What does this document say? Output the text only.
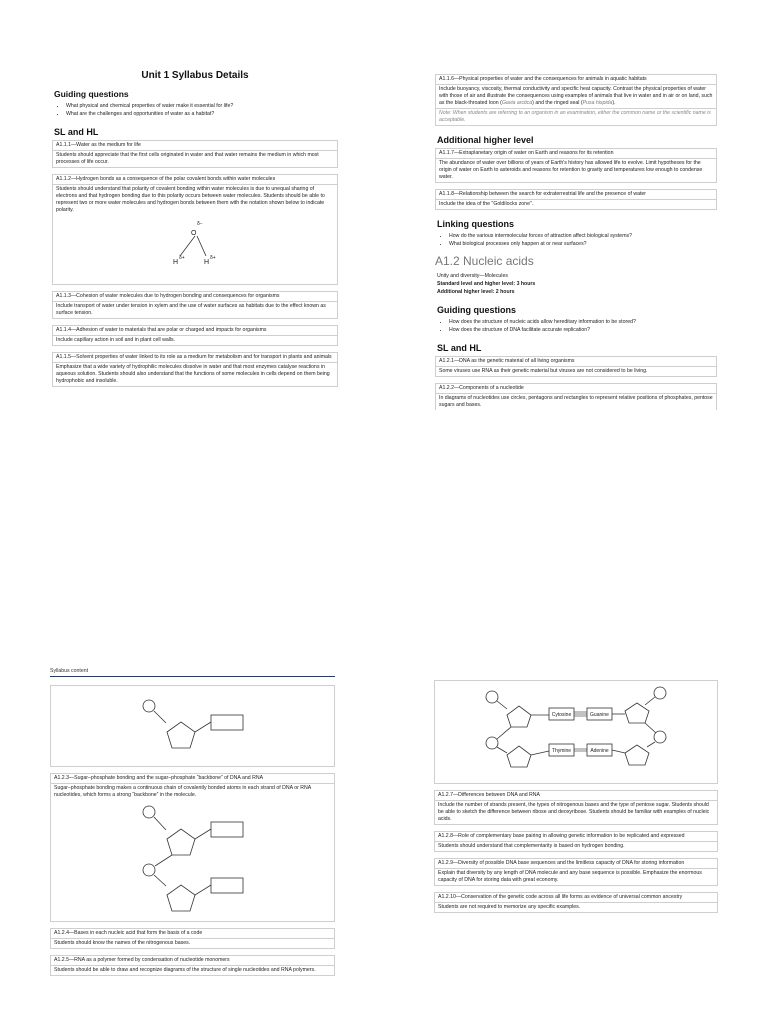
Unit 1 Syllabus Details
Guiding questions
• What physical and chemical properties of water make it essential for life?
• What are the challenges and opportunities of water as a habitat?
SL and HL
A1.1.1—Water as the medium for life
Students should appreciate that the first cells originated in water and that water remains the medium in which most processes of life occur.
A1.1.2—Hydrogen bonds as a consequence of the polar covalent bonds within water molecules
Students should understand that polarity of covalent bonding within water molecules is due to unequal sharing of electrons and that hydrogen bonding due to this polarity occurs between water molecules. Students should be able to represent two or more water molecules and hydrogen bonds between them with the notation shown below to indicate polarity.
O
δ−
H
δ+
H
δ+
A1.1.3—Cohesion of water molecules due to hydrogen bonding and consequences for organisms
Include transport of water under tension in xylem and the use of water surfaces as habitats due to the effect known as surface tension.
A1.1.4—Adhesion of water to materials that are polar or charged and impacts for organisms
Include capillary action in soil and in plant cell walls.
A1.1.5—Solvent properties of water linked to its role as a medium for metabolism and for transport in plants and animals
Emphasize that a wide variety of hydrophilic molecules dissolve in water and that most enzymes catalyse reactions in aqueous solution. Students should also understand that the functions of some molecules in cells depend on them being hydrophobic and insoluble.
A1.1.6—Physical properties of water and the consequences for animals in aquatic habitats
Include buoyancy, viscosity, thermal conductivity and specific heat capacity. Contrast the physical properties of water with those of air and illustrate the consequences using examples of animals that live in water and in air or on land, such as the black-throated loon (Gavia arctica) and the ringed seal (Pusa hispida).
Note: When students are referring to an organism in an examination, either the common name or the scientific name is acceptable.
Additional higher level
A1.1.7—Extraplanetary origin of water on Earth and reasons for its retention
The abundance of water over billions of years of Earth's history has allowed life to evolve. Limit hypotheses for the origin of water on Earth to asteroids and reasons for retention to gravity and temperatures low enough to condense water.
A1.1.8—Relationship between the search for extraterrestrial life and the presence of water
Include the idea of the "Goldilocks zone".
Linking questions
• How do the various intermolecular forces of attraction affect biological systems?
• What biological processes only happen at or near surfaces?
A1.2 Nucleic acids
Unity and diversity—Molecules
Standard level and higher level: 3 hours
Additional higher level: 2 hours
Guiding questions
• How does the structure of nucleic acids allow hereditary information to be stored?
• How does the structure of DNA facilitate accurate replication?
SL and HL
A1.2.1—DNA as the genetic material of all living organisms
Some viruses use RNA as their genetic material but viruses are not considered to be living.
A1.2.2—Components of a nucleotide
In diagrams of nucleotides use circles, pentagons and rectangles to represent relative positions of phosphates, pentose sugars and bases.
Syllabus content
A1.2.3—Sugar–phosphate bonding and the sugar–phosphate “backbone” of DNA and RNA
Sugar–phosphate bonding makes a continuous chain of covalently bonded atoms in each strand of DNA or RNA nucleotides, which forms a strong “backbone” in the molecule.
A1.2.4—Bases in each nucleic acid that form the basis of a code
Students should know the names of the nitrogenous bases.
A1.2.5—RNA as a polymer formed by condensation of nucleotide monomers
Students should be able to draw and recognize diagrams of the structure of single nucleotides and RNA polymers.
Cytosine	Guanine
Thymine	Adenine
A1.2.7—Differences between DNA and RNA
Include the number of strands present, the types of nitrogenous bases and the type of pentose sugar. Students should be able to sketch the difference between ribose and deoxyribose. Students should be familiar with examples of nucleic acids.
A1.2.8—Role of complementary base pairing in allowing genetic information to be replicated and expressed
Students should understand that complementarity is based on hydrogen bonding.
A1.2.9—Diversity of possible DNA base sequences and the limitless capacity of DNA for storing information
Explain that diversity by any length of DNA molecule and any base sequence is possible. Emphasize the enormous capacity of DNA for storing data with great economy.
A1.2.10—Conservation of the genetic code across all life forms as evidence of universal common ancestry
Students are not required to memorize any specific examples.
